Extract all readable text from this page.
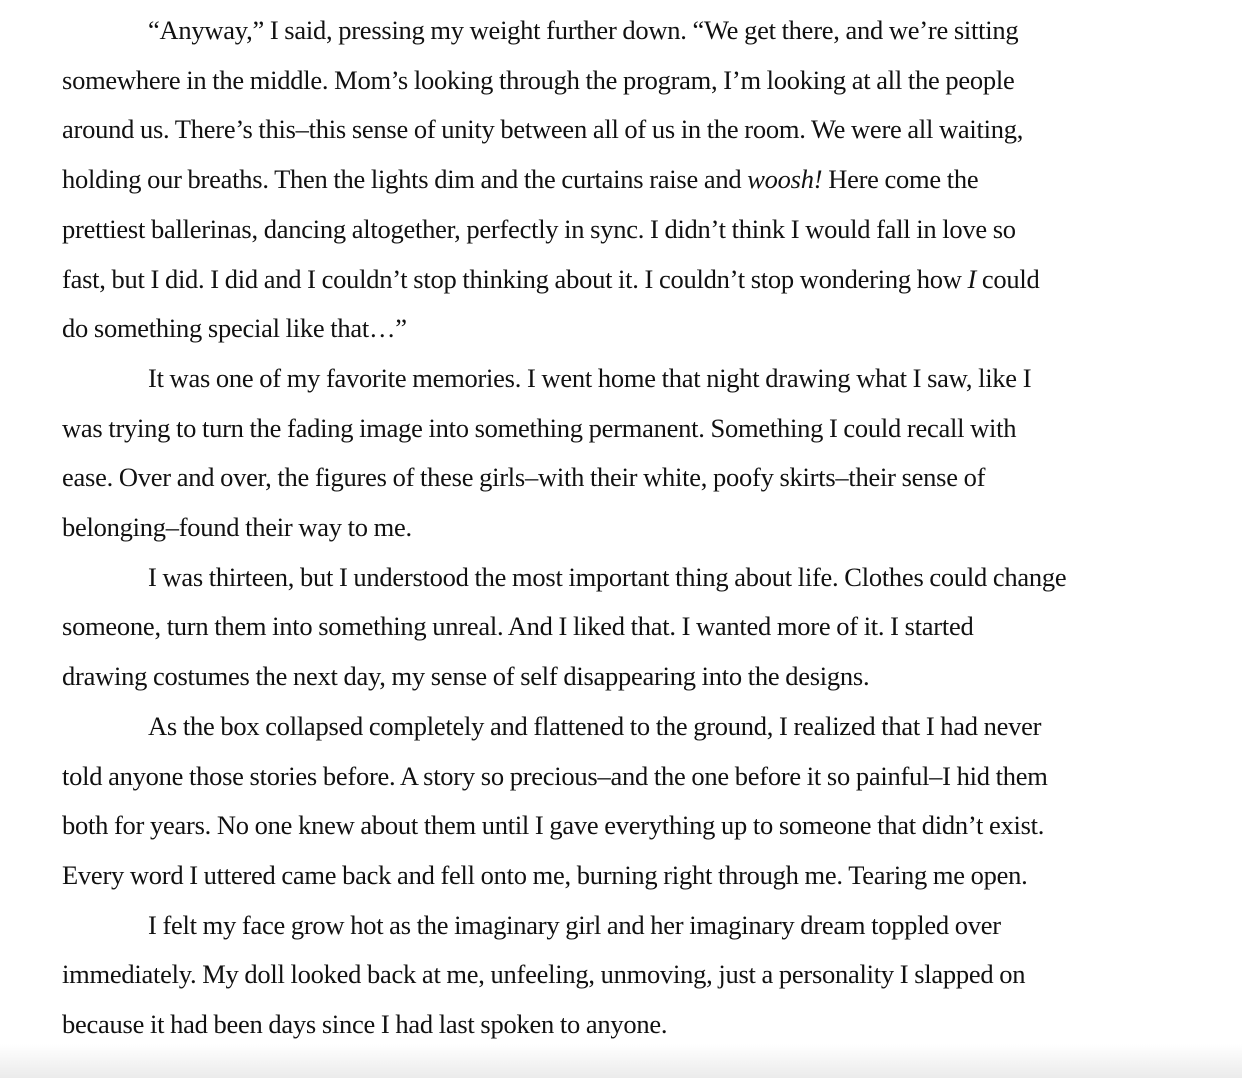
“Anyway,” I said, pressing my weight further down. “We get there, and we’re sitting
somewhere in the middle. Mom’s looking through the program, I’m looking at all the people
around us. There’s this–this sense of unity between all of us in the room. We were all waiting,
holding our breaths. Then the lights dim and the curtains raise and woosh! Here come the
prettiest ballerinas, dancing altogether, perfectly in sync. I didn’t think I would fall in love so
fast, but I did. I did and I couldn’t stop thinking about it. I couldn’t stop wondering how I could
do something special like that…”

It was one of my favorite memories. I went home that night drawing what I saw, like I
was trying to turn the fading image into something permanent. Something I could recall with
ease. Over and over, the figures of these girls–with their white, poofy skirts–their sense of
belonging–found their way to me.

I was thirteen, but I understood the most important thing about life. Clothes could change
someone, turn them into something unreal. And I liked that. I wanted more of it. I started
drawing costumes the next day, my sense of self disappearing into the designs.

As the box collapsed completely and flattened to the ground, I realized that I had never
told anyone those stories before. A story so precious–and the one before it so painful–I hid them
both for years. No one knew about them until I gave everything up to someone that didn’t exist.
Every word I uttered came back and fell onto me, burning right through me. Tearing me open.

I felt my face grow hot as the imaginary girl and her imaginary dream toppled over
immediately. My doll looked back at me, unfeeling, unmoving, just a personality I slapped on
because it had been days since I had last spoken to anyone.
